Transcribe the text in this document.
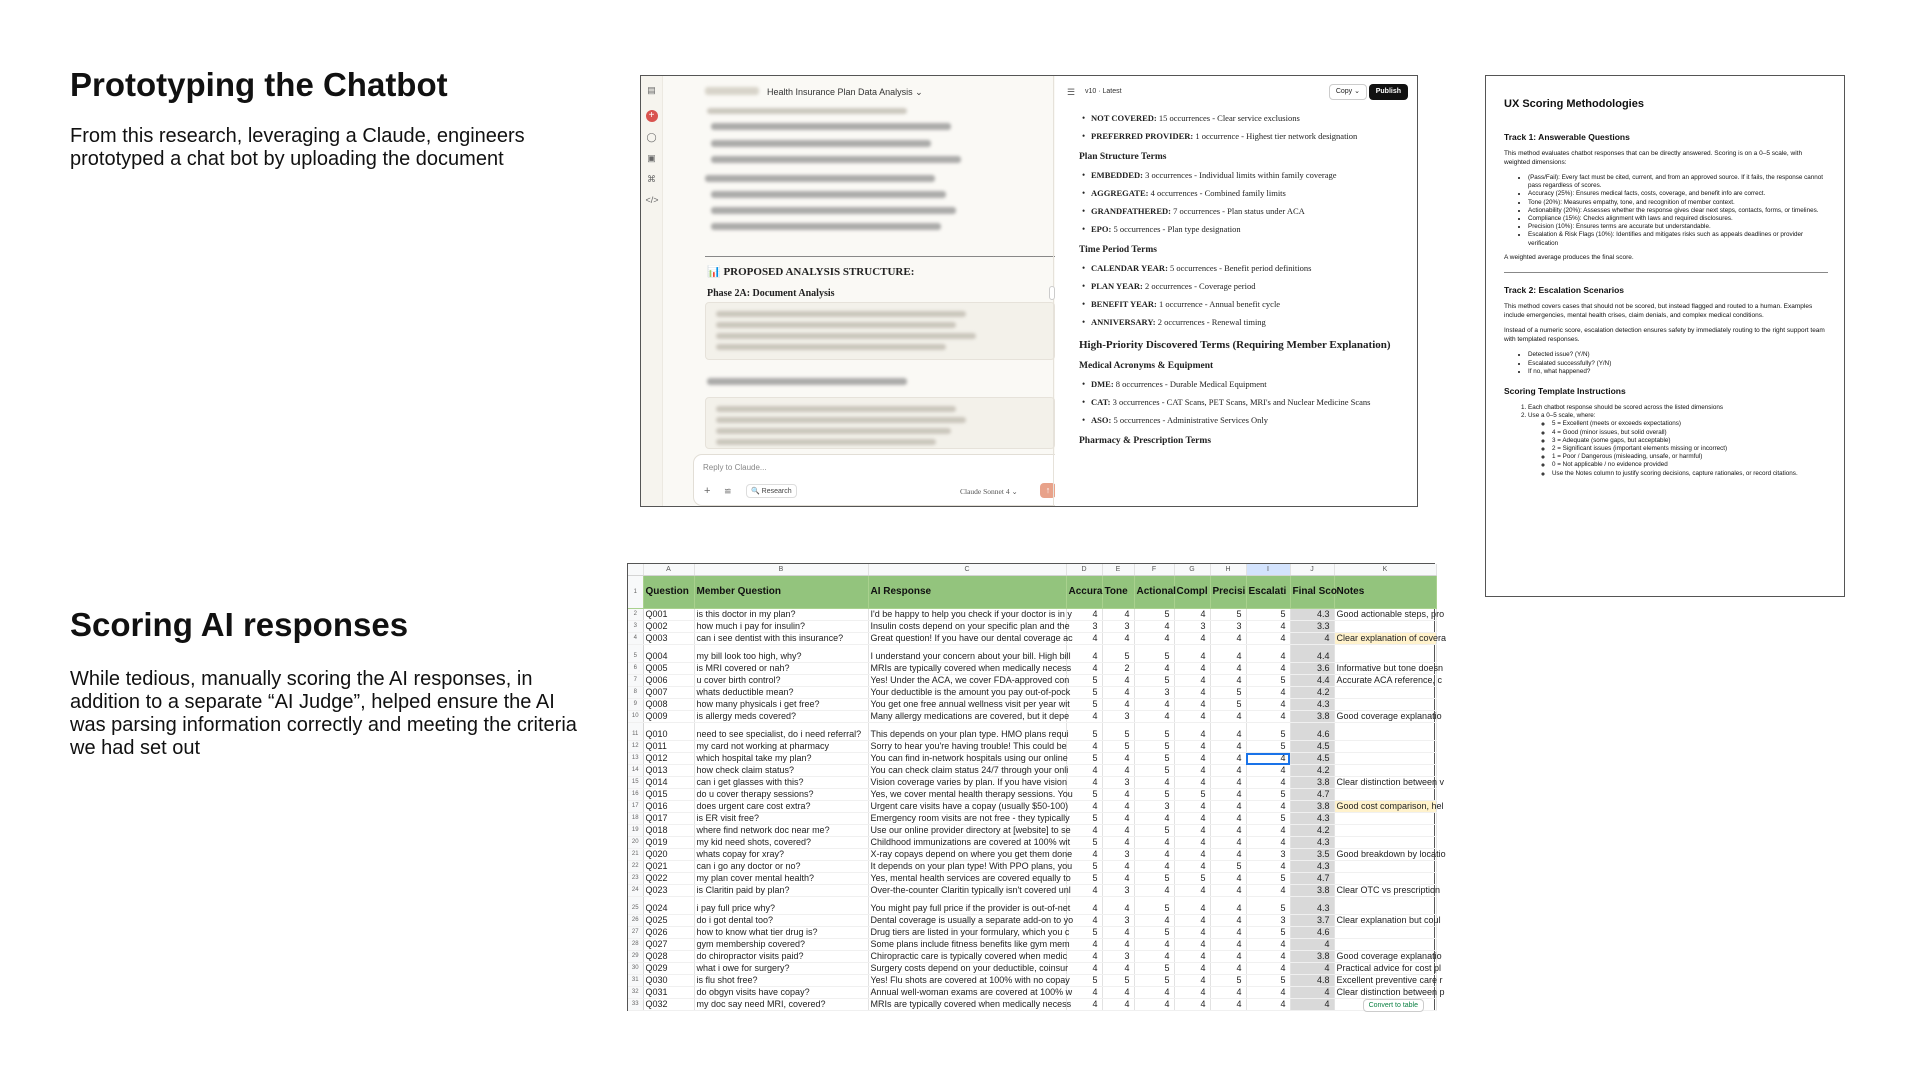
Prototyping the Chatbot
From this research, leveraging a Claude, engineers prototyped a chat bot by uploading the document
Scoring AI responses
While tedious, manually scoring the AI responses, in addition to a separate “AI Judge”, helped ensure the AI was parsing information correctly and meeting the criteria we had set out
▤
+
◯
▣
⌘
</>
Health Insurance Plan Data Analysis ⌄
📊 PROPOSED ANALYSIS STRUCTURE:
Phase 2A: Document Analysis
Reply to Claude...
+ ≌	🔍 Research	Claude Sonnet 4 ⌄	↑
☰ v10 · Latest	Copy ⌄	Publish
• NOT COVERED: 15 occurrences - Clear service exclusions
• PREFERRED PROVIDER: 1 occurrence - Highest tier network designation
Plan Structure Terms
• EMBEDDED: 3 occurrences - Individual limits within family coverage
• AGGREGATE: 4 occurrences - Combined family limits
• GRANDFATHERED: 7 occurrences - Plan status under ACA
• EPO: 5 occurrences - Plan type designation
Time Period Terms
• CALENDAR YEAR: 5 occurrences - Benefit period definitions
• PLAN YEAR: 2 occurrences - Coverage period
• BENEFIT YEAR: 1 occurrence - Annual benefit cycle
• ANNIVERSARY: 2 occurrences - Renewal timing
High-Priority Discovered Terms (Requiring Member Explanation)
Medical Acronyms & Equipment
• DME: 8 occurrences - Durable Medical Equipment
• CAT: 3 occurrences - CAT Scans, PET Scans, MRI's and Nuclear Medicine Scans
• ASO: 5 occurrences - Administrative Services Only
Pharmacy & Prescription Terms
	A	B	C	D	E	F	G	H	I	J	K
1	Question	Member Question	AI Response	Accura	Tone	Actional	Compl	Precisi	Escalati	Final Sco	Notes
2	Q001	is this doctor in my plan?	I'd be happy to help you check if your doctor is in y	4	4	5	4	5	5	4.3	Good actionable steps, pro
3	Q002	how much i pay for insulin?	Insulin costs depend on your specific plan and the	3	3	4	3	3	4	3.3	
4	Q003	can i see dentist with this insurance?	Great question! If you have our dental coverage ac	4	4	4	4	4	4	4	Clear explanation of covera
5	Q004	my bill look too high, why?	I understand your concern about your bill. High bill	4	5	5	4	4	4	4.4	
6	Q005	is MRI covered or nah?	MRIs are typically covered when medically necess	4	2	4	4	4	4	3.6	Informative but tone doesn
7	Q006	u cover birth control?	Yes! Under the ACA, we cover FDA-approved con	5	4	5	4	4	5	4.4	Accurate ACA reference, c
8	Q007	whats deductible mean?	Your deductible is the amount you pay out-of-pock	5	4	3	4	5	4	4.2	
9	Q008	how many physicals i get free?	You get one free annual wellness visit per year wit	5	4	4	4	5	4	4.3	
10	Q009	is allergy meds covered?	Many allergy medications are covered, but it depe	4	3	4	4	4	4	3.8	Good coverage explanatio
11	Q010	need to see specialist, do i need referral?	This depends on your plan type. HMO plans requi	5	5	5	4	4	5	4.6	
12	Q011	my card not working at pharmacy	Sorry to hear you're having trouble! This could be	4	5	5	4	4	5	4.5	
13	Q012	which hospital take my plan?	You can find in-network hospitals using our online	5	4	5	4	4	4	4.5	
14	Q013	how check claim status?	You can check claim status 24/7 through your onli	4	4	5	4	4	4	4.2	
15	Q014	can i get glasses with this?	Vision coverage varies by plan. If you have vision	4	3	4	4	4	4	3.8	Clear distinction between v
16	Q015	do u cover therapy sessions?	Yes, we cover mental health therapy sessions. You	5	4	5	5	4	5	4.7	
17	Q016	does urgent care cost extra?	Urgent care visits have a copay (usually $50-100)	4	4	3	4	4	4	3.8	Good cost comparison, hel
18	Q017	is ER visit free?	Emergency room visits are not free - they typically	5	4	4	4	4	5	4.3	
19	Q018	where find network doc near me?	Use our online provider directory at [website] to se	4	4	5	4	4	4	4.2	
20	Q019	my kid need shots, covered?	Childhood immunizations are covered at 100% wit	5	4	4	4	4	4	4.3	
21	Q020	whats copay for xray?	X-ray copays depend on where you get them done	4	3	4	4	4	3	3.5	Good breakdown by locatio
22	Q021	can i go any doctor or no?	It depends on your plan type! With PPO plans, you	5	4	4	4	5	4	4.3	
23	Q022	my plan cover mental health?	Yes, mental health services are covered equally to	5	4	5	5	4	5	4.7	
24	Q023	is Claritin paid by plan?	Over-the-counter Claritin typically isn't covered unl	4	3	4	4	4	4	3.8	Clear OTC vs prescription
25	Q024	i pay full price why?	You might pay full price if the provider is out-of-net	4	4	5	4	4	5	4.3	
26	Q025	do i got dental too?	Dental coverage is usually a separate add-on to yo	4	3	4	4	4	3	3.7	Clear explanation but coul
27	Q026	how to know what tier drug is?	Drug tiers are listed in your formulary, which you c	5	4	5	4	4	5	4.6	
28	Q027	gym membership covered?	Some plans include fitness benefits like gym mem	4	4	4	4	4	4	4	
29	Q028	do chiropractor visits paid?	Chiropractic care is typically covered when medic	4	3	4	4	4	4	3.8	Good coverage explanatio
30	Q029	what i owe for surgery?	Surgery costs depend on your deductible, coinsur	4	4	5	4	4	4	4	Practical advice for cost pl
31	Q030	is flu shot free?	Yes! Flu shots are covered at 100% with no copay	5	5	5	4	5	5	4.8	Excellent preventive care r
32	Q031	do obgyn visits have copay?	Annual well-woman exams are covered at 100% w	4	4	4	4	4	4	4	Clear distinction between p
33	Q032	my doc say need MRI, covered?	MRIs are typically covered when medically necess	4	4	4	4	4	4	4		Convert to table
UX Scoring Methodologies
Track 1: Answerable Questions

This method evaluates chatbot responses that can be directly answered. Scoring is on a 0–5 scale, with weighted dimensions:

• (Pass/Fail): Every fact must be cited, current, and from an approved source. If it fails, the response cannot pass regardless of scores.
• Accuracy (25%): Ensures medical facts, costs, coverage, and benefit info are correct.
• Tone (20%): Measures empathy, tone, and recognition of member context.
• Actionability (20%): Assesses whether the response gives clear next steps, contacts, forms, or timelines.
• Compliance (15%): Checks alignment with laws and required disclosures.
• Precision (10%): Ensures terms are accurate but understandable.
• Escalation & Risk Flags (10%): Identifies and mitigates risks such as appeals deadlines or provider verification

A weighted average produces the final score.

Track 2: Escalation Scenarios

This method covers cases that should not be scored, but instead flagged and routed to a human. Examples include emergencies, mental health crises, claim denials, and complex medical conditions.

Instead of a numeric score, escalation detection ensures safety by immediately routing to the right support team with templated responses.

• Detected issue? (Y/N)
• Escalated successfully? (Y/N)
• If no, what happened?
Scoring Template Instructions
1. Each chatbot response should be scored across the listed dimensions
2. Use a 0–5 scale, where:
◦ 5 = Excellent (meets or exceeds expectations)
◦ 4 = Good (minor issues, but solid overall)
◦ 3 = Adequate (some gaps, but acceptable)
◦ 2 = Significant issues (important elements missing or incorrect)
◦ 1 = Poor / Dangerous (misleading, unsafe, or harmful)
◦ 0 = Not applicable / no evidence provided
◦ Use the Notes column to justify scoring decisions, capture rationales, or record citations.
